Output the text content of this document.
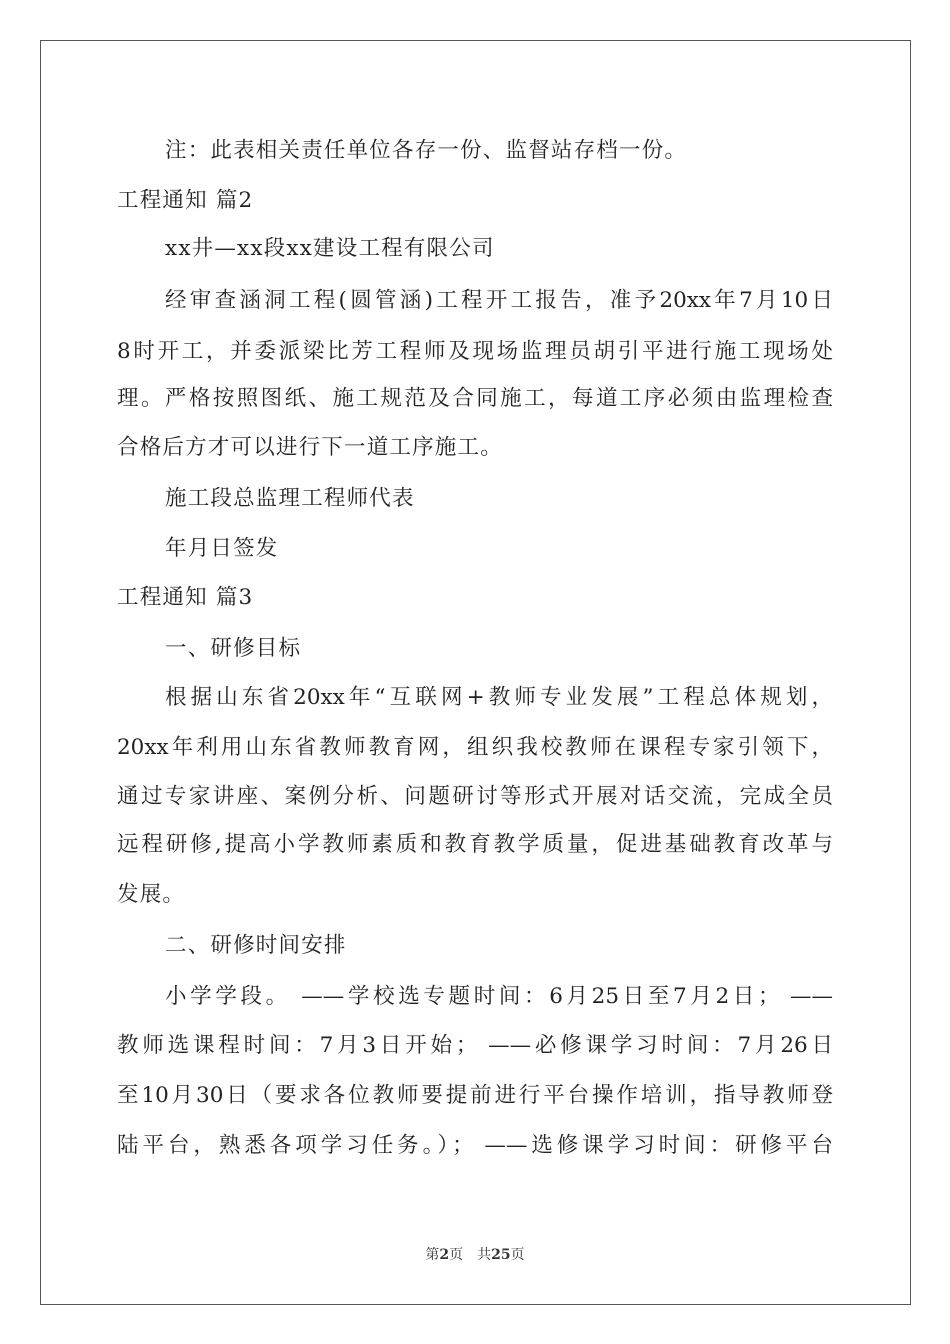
注：此表相关责任单位各存一份、监督站存档一份。
工程通知 篇2
xx井—xx段xx建设工程有限公司
经审查涵洞工程(圆管涵)工程开工报告，准予20xx年7月10日
8时开工，并委派梁比芳工程师及现场监理员胡引平进行施工现场处
理。严格按照图纸、施工规范及合同施工，每道工序必须由监理检查
合格后方才可以进行下一道工序施工。
施工段总监理工程师代表
年月日签发
工程通知 篇3
一、研修目标
根据山东省20xx年“互联网+教师专业发展”工程总体规划，
20xx年利用山东省教师教育网，组织我校教师在课程专家引领下，
通过专家讲座、案例分析、问题研讨等形式开展对话交流，完成全员
远程研修,提高小学教师素质和教育教学质量，促进基础教育改革与
发展。
二、研修时间安排
小学学段。 ——学校选专题时间：6月25日至7月2日； ——
教师选课程时间：7月3日开始； ——必修课学习时间：7月26日
至10月30日（要求各位教师要提前进行平台操作培训，指导教师登
陆平台，熟悉各项学习任务。）； ——选修课学习时间：研修平台
第2页　共25页
